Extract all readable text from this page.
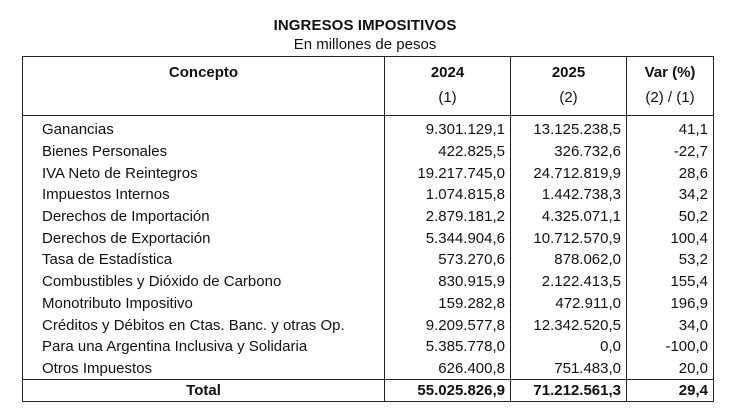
INGRESOS IMPOSITIVOS
En millones de pesos
Concepto	2024	2025	Var (%)
	(1)	(2)	(2) / (1)
Ganancias	9.301.129,1	13.125.238,5	41,1
Bienes Personales	422.825,5	326.732,6	-22,7
IVA Neto de Reintegros	19.217.745,0	24.712.819,9	28,6
Impuestos Internos	1.074.815,8	1.442.738,3	34,2
Derechos de Importación	2.879.181,2	4.325.071,1	50,2
Derechos de Exportación	5.344.904,6	10.712.570,9	100,4
Tasa de Estadística	573.270,6	878.062,0	53,2
Combustibles y Dióxido de Carbono	830.915,9	2.122.413,5	155,4
Monotributo Impositivo	159.282,8	472.911,0	196,9
Créditos y Débitos en Ctas. Banc. y otras Op.	9.209.577,8	12.342.520,5	34,0
Para una Argentina Inclusiva y Solidaria	5.385.778,0	0,0	-100,0
Otros Impuestos	626.400,8	751.483,0	20,0
Total	55.025.826,9	71.212.561,3	29,4
